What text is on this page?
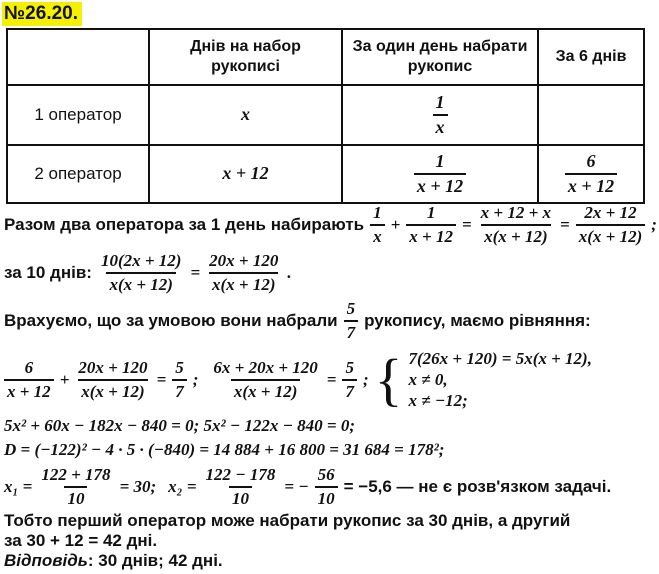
№26.20.
	Днів на набор рукописі	За один день набрати рукопис	За 6 днів
1 оператор	x	$\frac{1}{x}$

2 оператор	x + 12	$\frac{1}{x + 12}$	$\frac{6}{x + 12}$
Разом два оператора за 1 день набирають $\frac{1}{x} + \frac{1}{x + 12} = \frac{x + 12 + x}{x(x + 12)} = \frac{2x + 12}{x(x + 12)}$ ;
за 10 днів: $\frac{10(2x + 12)}{x(x + 12)} = \frac{20x + 120}{x(x + 12)}$ .
Врахуємо, що за умовою вони набрали $\frac{5}{7}$ рукопису, маємо рівняння:
$\frac{6}{x + 12} + \frac{20x + 120}{x(x + 12)} = \frac{5}{7}$ ; $\frac{6x + 20x + 120}{x(x + 12)} = \frac{5}{7}$ ; { 7(26x + 120) = 5x(x + 12),
x ≠ 0,
x ≠ −12;
5x² + 60x − 182x − 840 = 0; 5x² − 122x − 840 = 0;
D = (−122)² − 4 · 5 · (−840) = 14 884 + 16 800 = 31 684 = 178²;
$x_1 = \frac{122 + 178}{10} = 30$; $x_2 = \frac{122 - 178}{10}$ = − $\frac{56}{10} = -5,6$ — не є розв'язком задачі.
Тобто перший оператор може набрати рукопис за 30 днів, а другий
за 30 + 12 = 42 дні.
Відповідь: 30 днів; 42 дні.
